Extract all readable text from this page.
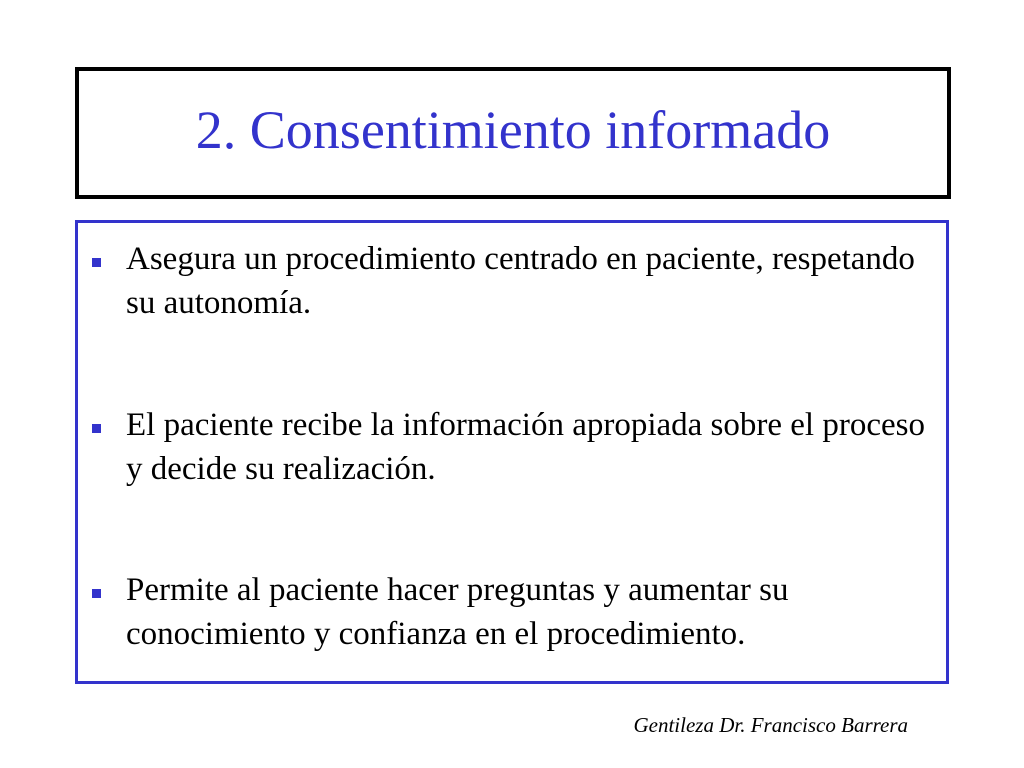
2. Consentimiento informado
Asegura un procedimiento centrado en paciente, respetando su autonomía.
El paciente recibe la información apropiada sobre el proceso y decide su realización.
Permite al paciente hacer preguntas y aumentar su conocimiento y confianza en el procedimiento.
Gentileza Dr. Francisco Barrera
